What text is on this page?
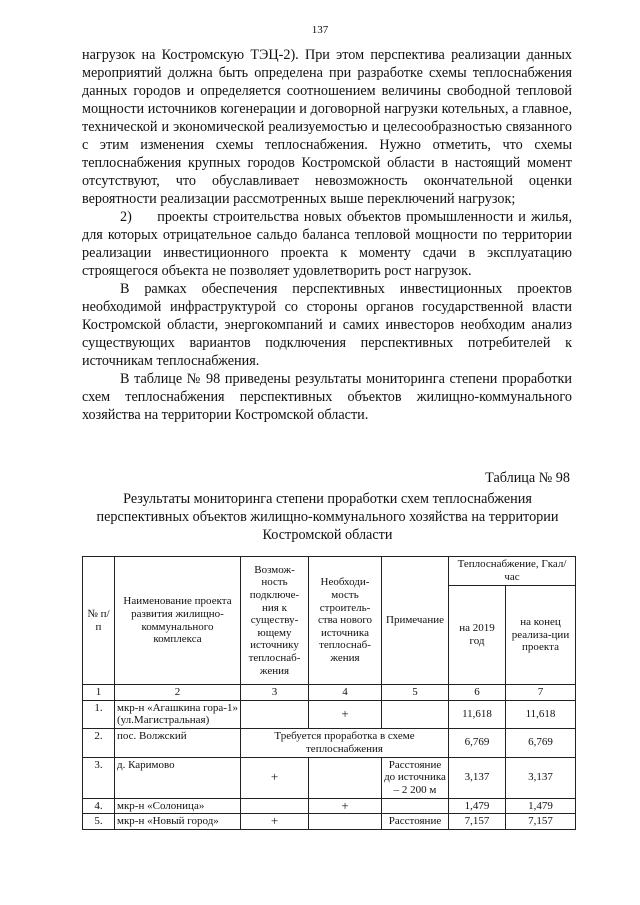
137

нагрузок на Костромскую ТЭЦ-2). При этом перспектива реализации данных мероприятий должна быть определена при разработке схемы теплоснабжения данных городов и определяется соотношением величины свободной тепловой мощности источников когенерации и договорной нагрузки котельных, а главное, технической и экономической реализуемостью и целесообразностью связанного с этим изменения схемы теплоснабжения. Нужно отметить, что схемы теплоснабжения крупных городов Костромской области в настоящий момент отсутствуют, что обуславливает невозможность окончательной оценки вероятности реализации рассмотренных выше переключений нагрузок;

2)     проекты строительства новых объектов промышленности и жилья, для которых отрицательное сальдо баланса тепловой мощности по территории реализации инвестиционного проекта к моменту сдачи в эксплуатацию строящегося объекта не позволяет удовлетворить рост нагрузок.

В рамках обеспечения перспективных инвестиционных проектов необходимой инфраструктурой со стороны органов государственной власти Костромской области, энергокомпаний и самих инвесторов необходим анализ существующих вариантов подключения перспективных потребителей к источникам теплоснабжения.

В таблице № 98 приведены результаты мониторинга степени проработки схем теплоснабжения перспективных объектов жилищно-коммунального хозяйства на территории Костромской области.

Таблица № 98
Результаты мониторинга степени проработки схем теплоснабжения перспективных объектов жилищно-коммунального хозяйства на территории Костромской области
№ п/п	Наименование проекта развития жилищно-коммунального комплекса	Возмож-ность подключе-ния к существу-ющему источнику теплоснаб-жения	Необходи-мость строитель-ства нового источника теплоснаб-жения	Примечание	Теплоснабжение, Гкал/час	
					на 2019 год	на конец реализа-ции проекта
1	2	3	4	5	6	7
1.	мкр-н «Агашкина гора-1» (ул.Магистральная)		+		11,618	11,618
2.	пос. Волжский	Требуется проработка в схеме теплоснабжения			6,769	6,769
3.	д. Каримово	+		Расстояние до источника – 2 200 м	3,137	3,137
4.	мкр-н «Солоница»		+		1,479	1,479
5.	мкр-н «Новый город»	+		Расстояние	7,157	7,157
